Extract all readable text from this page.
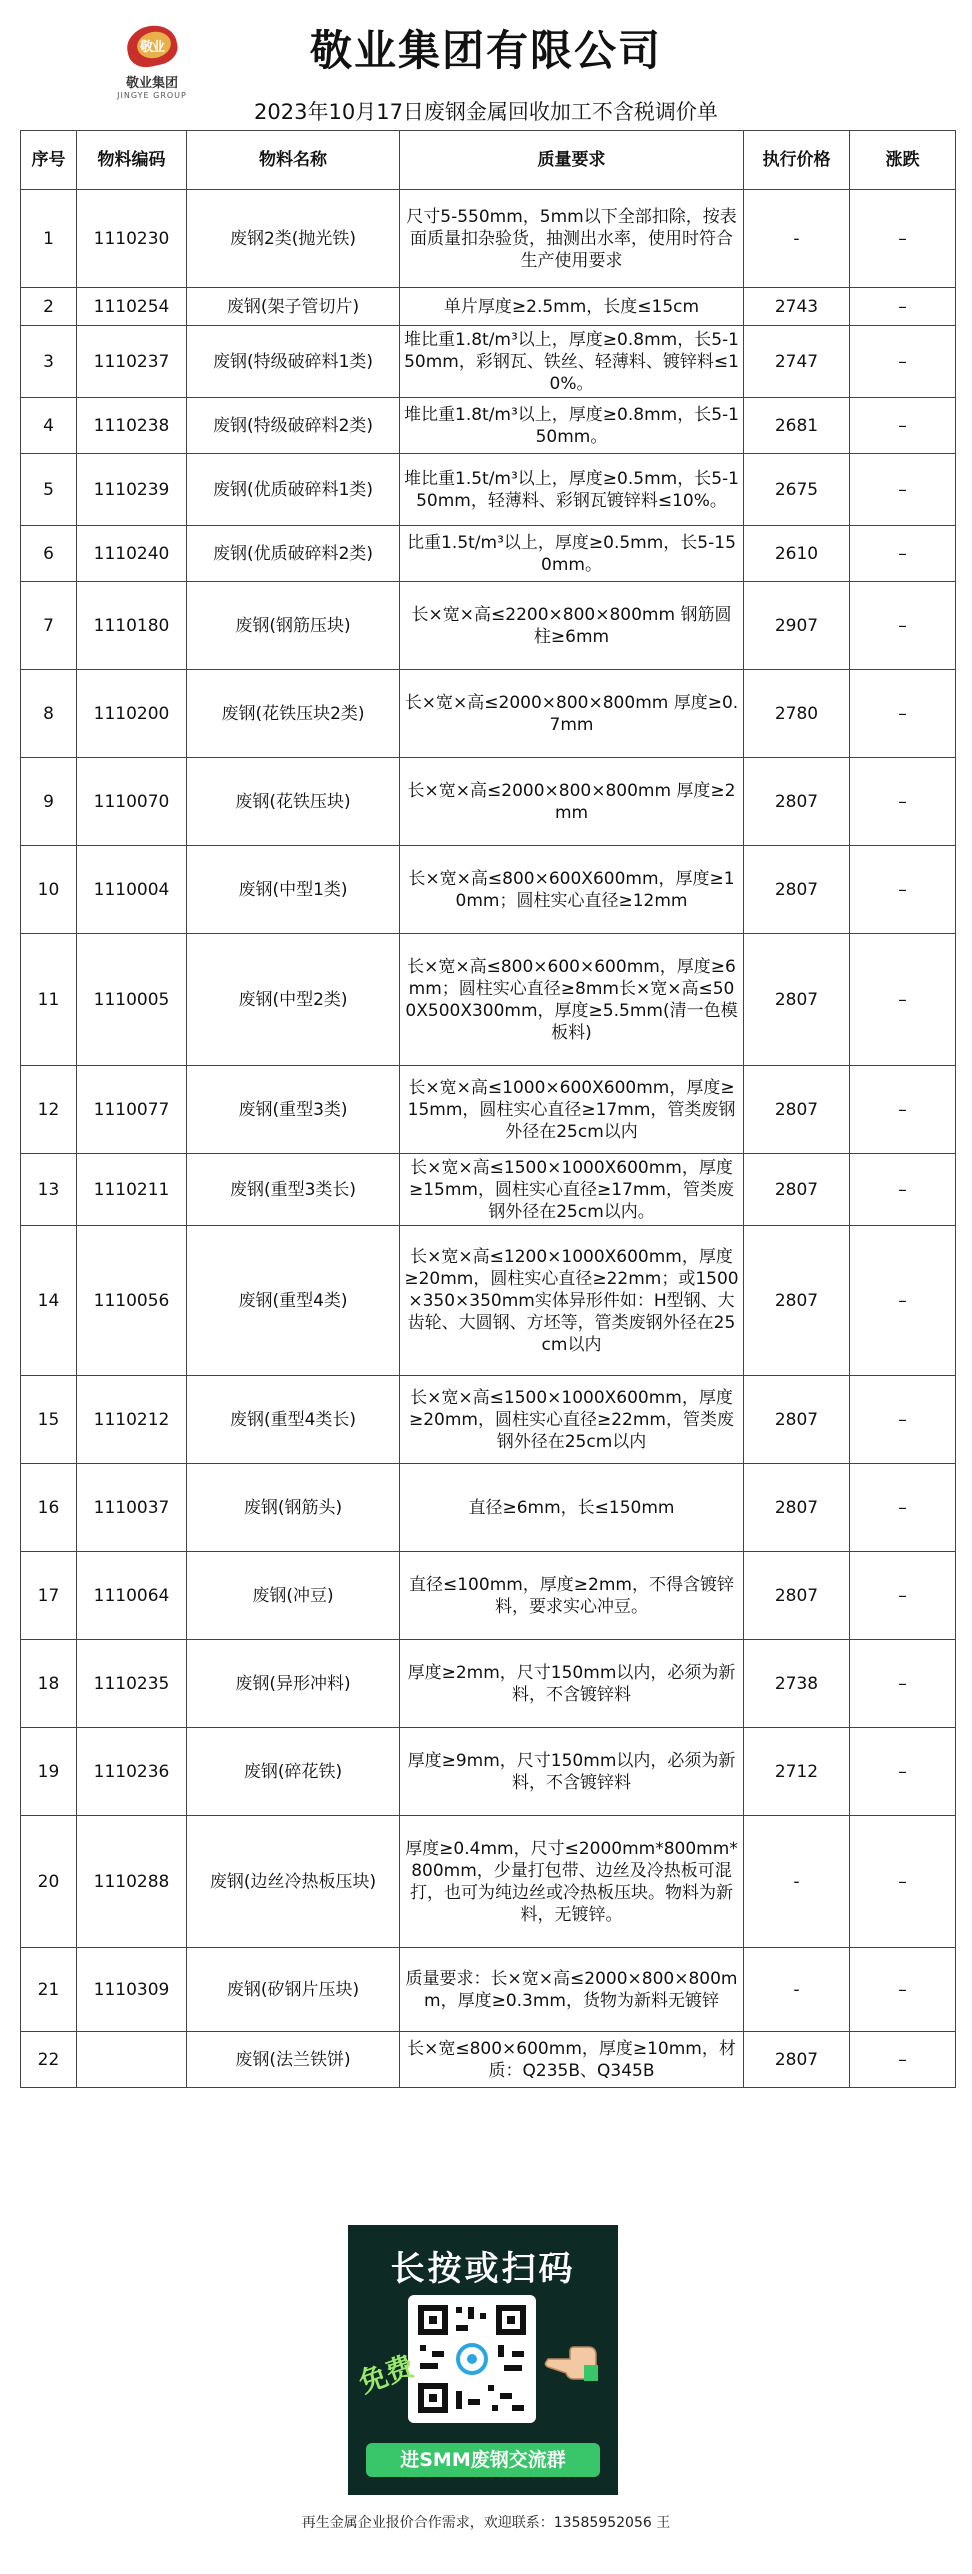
敬业
敬业集团
JINGYE GROUP
敬业集团有限公司
2023年10月17日废钢金属回收加工不含税调价单
序号	物料编码	物料名称	质量要求	执行价格	涨跌
1	1110230	废钢2类(抛光铁)	尺寸5-550mm，5mm以下全部扣除，按表面质量扣杂验货，抽测出水率，使用时符合生产使用要求	-	–
2	1110254	废钢(架子管切片)	单片厚度≥2.5mm，长度≤15cm	2743	–
3	1110237	废钢(特级破碎料1类)	堆比重1.8t/m³以上，厚度≥0.8mm，长5-150mm，彩钢瓦、铁丝、轻薄料、镀锌料≤10%。	2747	–
4	1110238	废钢(特级破碎料2类)	堆比重1.8t/m³以上，厚度≥0.8mm，长5-150mm。	2681	–
5	1110239	废钢(优质破碎料1类)	堆比重1.5t/m³以上，厚度≥0.5mm，长5-150mm，轻薄料、彩钢瓦镀锌料≤10%。	2675	–
6	1110240	废钢(优质破碎料2类)	比重1.5t/m³以上，厚度≥0.5mm，长5-150mm。	2610	–
7	1110180	废钢(钢筋压块)	长×宽×高≤2200×800×800mm 钢筋圆柱≥6mm	2907	–
8	1110200	废钢(花铁压块2类)	长×宽×高≤2000×800×800mm 厚度≥0.7mm	2780	–
9	1110070	废钢(花铁压块)	长×宽×高≤2000×800×800mm 厚度≥2mm	2807	–
10	1110004	废钢(中型1类)	长×宽×高≤800×600X600mm，厚度≥10mm；圆柱实心直径≥12mm	2807	–
11	1110005	废钢(中型2类)	长×宽×高≤800×600×600mm，厚度≥6mm；圆柱实心直径≥8mm长×宽×高≤500X500X300mm，厚度≥5.5mm(清一色模板料)	2807	–
12	1110077	废钢(重型3类)	长×宽×高≤1000×600X600mm，厚度≥15mm，圆柱实心直径≥17mm，管类废钢外径在25cm以内	2807	–
13	1110211	废钢(重型3类长)	长×宽×高≤1500×1000X600mm，厚度≥15mm，圆柱实心直径≥17mm，管类废钢外径在25cm以内。	2807	–
14	1110056	废钢(重型4类)	长×宽×高≤1200×1000X600mm，厚度≥20mm，圆柱实心直径≥22mm；或1500×350×350mm实体异形件如：H型钢、大齿轮、大圆钢、方坯等，管类废钢外径在25cm以内	2807	–
15	1110212	废钢(重型4类长)	长×宽×高≤1500×1000X600mm，厚度≥20mm，圆柱实心直径≥22mm，管类废钢外径在25cm以内	2807	–
16	1110037	废钢(钢筋头)	直径≥6mm，长≤150mm	2807	–
17	1110064	废钢(冲豆)	直径≤100mm，厚度≥2mm，不得含镀锌料，要求实心冲豆。	2807	–
18	1110235	废钢(异形冲料)	厚度≥2mm，尺寸150mm以内，必须为新料，不含镀锌料	2738	–
19	1110236	废钢(碎花铁)	厚度≥9mm，尺寸150mm以内，必须为新料，不含镀锌料	2712	–
20	1110288	废钢(边丝冷热板压块)	厚度≥0.4mm，尺寸≤2000mm*800mm*800mm，少量打包带、边丝及冷热板可混打，也可为纯边丝或冷热板压块。物料为新料，无镀锌。	-	–
21	1110309	废钢(矽钢片压块)	质量要求：长×宽×高≤2000×800×800mm，厚度≥0.3mm，货物为新料无镀锌	-	–
22		废钢(法兰铁饼)	长×宽≤800×600mm，厚度≥10mm，材质：Q235B、Q345B	2807	–
长按或扫码
免费
进SMM废钢交流群
再生金属企业报价合作需求，欢迎联系：13585952056 王
